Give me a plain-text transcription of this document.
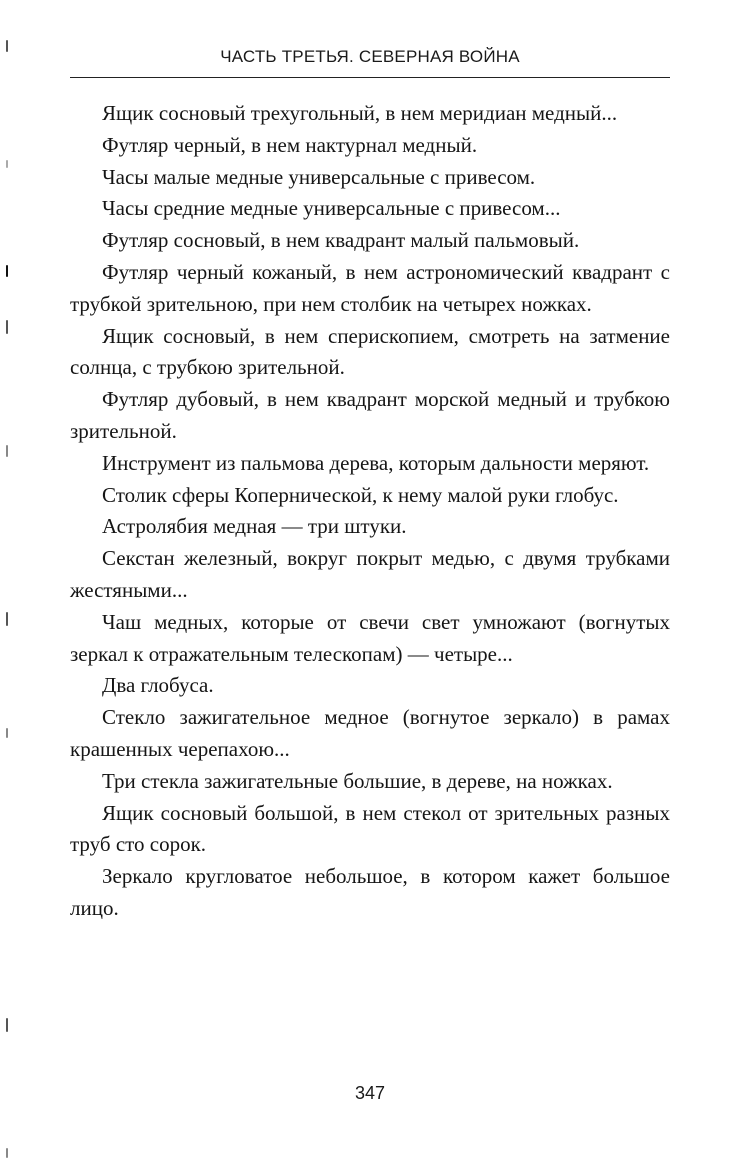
ЧАСТЬ ТРЕТЬЯ. СЕВЕРНАЯ ВОЙНА

Ящик сосновый трехугольный, в нем меридиан медный...

Футляр черный, в нем нактурнал медный.

Часы малые медные универсальные с привесом.

Часы средние медные универсальные с привесом...

Футляр сосновый, в нем квадрант малый пальмовый.

Футляр черный кожаный, в нем астрономический квадрант с трубкой зрительною, при нем столбик на четырех ножках.

Ящик сосновый, в нем сперископием, смотреть на затмение солнца, с трубкою зрительной.

Футляр дубовый, в нем квадрант морской медный и трубкою зрительной.

Инструмент из пальмова дерева, которым дальности меряют.

Столик сферы Копернической, к нему малой руки глобус.

Астролябия медная — три штуки.

Секстан железный, вокруг покрыт медью, с двумя трубками жестяными...

Чаш медных, которые от свечи свет умножают (вогнутых зеркал к отражательным телескопам) — четыре...

Два глобуса.

Стекло зажигательное медное (вогнутое зеркало) в рамах крашенных черепахою...

Три стекла зажигательные большие, в дереве, на ножках.

Ящик сосновый большой, в нем стекол от зрительных разных труб сто сорок.

Зеркало кругловатое небольшое, в котором кажет большое лицо.

347
